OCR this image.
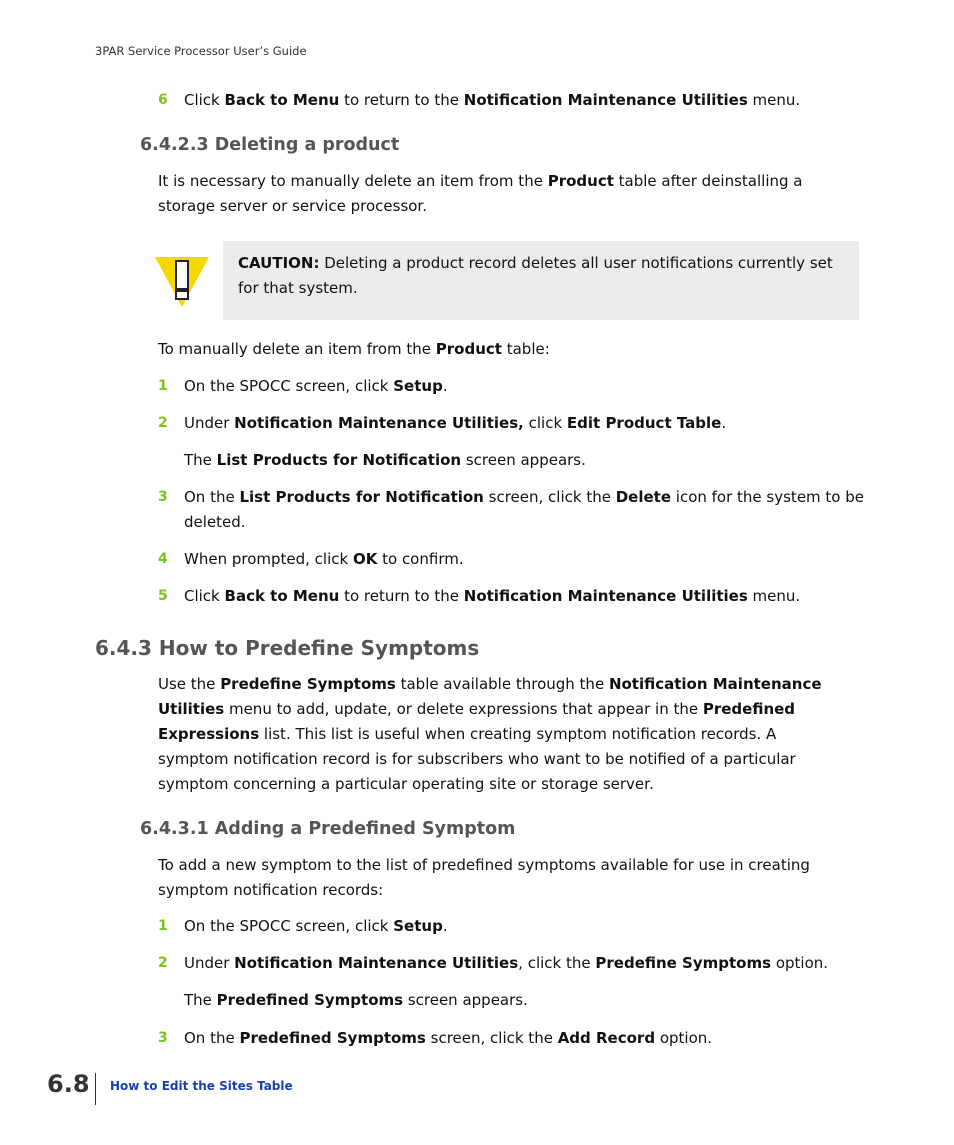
3PAR Service Processor User’s Guide
6 Click Back to Menu to return to the Notification Maintenance Utilities menu.
6.4.2.3 Deleting a product
It is necessary to manually delete an item from the Product table after deinstalling a storage server or service processor.
CAUTION: Deleting a product record deletes all user notifications currently set for that system.
To manually delete an item from the Product table:
1 On the SPOCC screen, click Setup.
2 Under Notification Maintenance Utilities, click Edit Product Table.
The List Products for Notification screen appears.
3 On the List Products for Notification screen, click the Delete icon for the system to be deleted.
4 When prompted, click OK to confirm.
5 Click Back to Menu to return to the Notification Maintenance Utilities menu.
6.4.3 How to Predefine Symptoms
Use the Predefine Symptoms table available through the Notification Maintenance Utilities menu to add, update, or delete expressions that appear in the Predefined Expressions list. This list is useful when creating symptom notification records. A symptom notification record is for subscribers who want to be notified of a particular symptom concerning a particular operating site or storage server.
6.4.3.1 Adding a Predefined Symptom
To add a new symptom to the list of predefined symptoms available for use in creating symptom notification records:
1 On the SPOCC screen, click Setup.
2 Under Notification Maintenance Utilities, click the Predefine Symptoms option.
The Predefined Symptoms screen appears.
3 On the Predefined Symptoms screen, click the Add Record option.
6.8 How to Edit the Sites Table
